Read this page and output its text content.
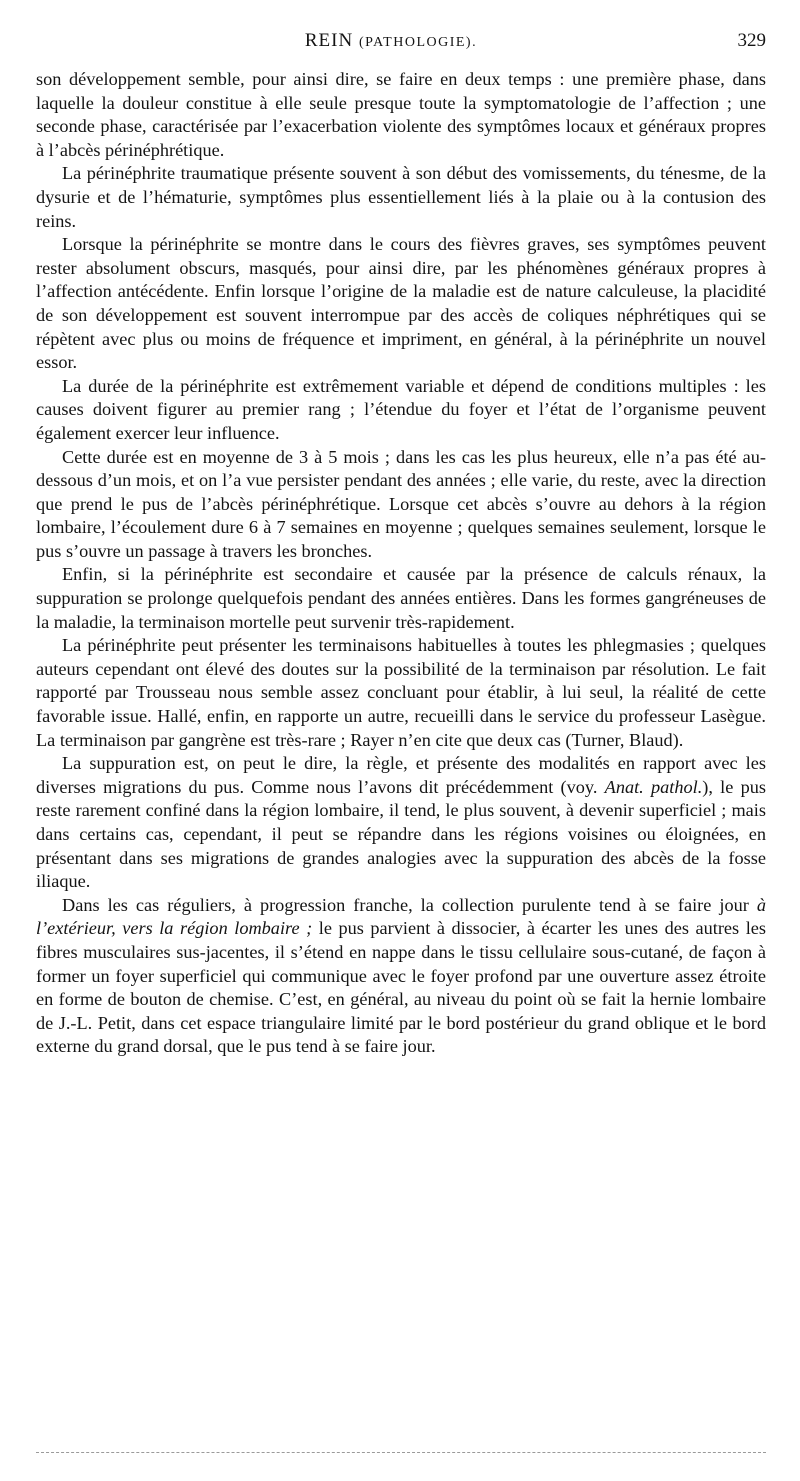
REIN (PATHOLOGIE).	329

son développement semble, pour ainsi dire, se faire en deux temps : une première phase, dans laquelle la douleur constitue à elle seule presque toute la symptomatologie de l’affection ; une seconde phase, caractérisée par l’exacerbation violente des symptômes locaux et généraux propres à l’abcès périnéphrétique.

La périnéphrite traumatique présente souvent à son début des vomissements, du ténesme, de la dysurie et de l’hématurie, symptômes plus essentiellement liés à la plaie ou à la contusion des reins.

Lorsque la périnéphrite se montre dans le cours des fièvres graves, ses symptômes peuvent rester absolument obscurs, masqués, pour ainsi dire, par les phénomènes généraux propres à l’affection antécédente. Enfin lorsque l’origine de la maladie est de nature calculeuse, la placidité de son développement est souvent interrompue par des accès de coliques néphrétiques qui se répètent avec plus ou moins de fréquence et impriment, en général, à la périnéphrite un nouvel essor.

La durée de la périnéphrite est extrêmement variable et dépend de conditions multiples : les causes doivent figurer au premier rang ; l’étendue du foyer et l’état de l’organisme peuvent également exercer leur influence.

Cette durée est en moyenne de 3 à 5 mois ; dans les cas les plus heureux, elle n’a pas été au-dessous d’un mois, et on l’a vue persister pendant des années ; elle varie, du reste, avec la direction que prend le pus de l’abcès périnéphrétique. Lorsque cet abcès s’ouvre au dehors à la région lombaire, l’écoulement dure 6 à 7 semaines en moyenne ; quelques semaines seulement, lorsque le pus s’ouvre un passage à travers les bronches.

Enfin, si la périnéphrite est secondaire et causée par la présence de calculs rénaux, la suppuration se prolonge quelquefois pendant des années entières. Dans les formes gangréneuses de la maladie, la terminaison mortelle peut survenir très-rapidement.

La périnéphrite peut présenter les terminaisons habituelles à toutes les phlegmasies ; quelques auteurs cependant ont élevé des doutes sur la possibilité de la terminaison par résolution. Le fait rapporté par Trousseau nous semble assez concluant pour établir, à lui seul, la réalité de cette favorable issue. Hallé, enfin, en rapporte un autre, recueilli dans le service du professeur Lasègue. La terminaison par gangrène est très-rare ; Rayer n’en cite que deux cas (Turner, Blaud).

La suppuration est, on peut le dire, la règle, et présente des modalités en rapport avec les diverses migrations du pus. Comme nous l’avons dit précédemment (voy. Anat. pathol.), le pus reste rarement confiné dans la région lombaire, il tend, le plus souvent, à devenir superficiel ; mais dans certains cas, cependant, il peut se répandre dans les régions voisines ou éloignées, en présentant dans ses migrations de grandes analogies avec la suppuration des abcès de la fosse iliaque.

Dans les cas réguliers, à progression franche, la collection purulente tend à se faire jour à l’extérieur, vers la région lombaire ; le pus parvient à dissocier, à écarter les unes des autres les fibres musculaires sus-jacentes, il s’étend en nappe dans le tissu cellulaire sous-cutané, de façon à former un foyer superficiel qui communique avec le foyer profond par une ouverture assez étroite en forme de bouton de chemise. C’est, en général, au niveau du point où se fait la hernie lombaire de J.-L. Petit, dans cet espace triangulaire limité par le bord postérieur du grand oblique et le bord externe du grand dorsal, que le pus tend à se faire jour.
